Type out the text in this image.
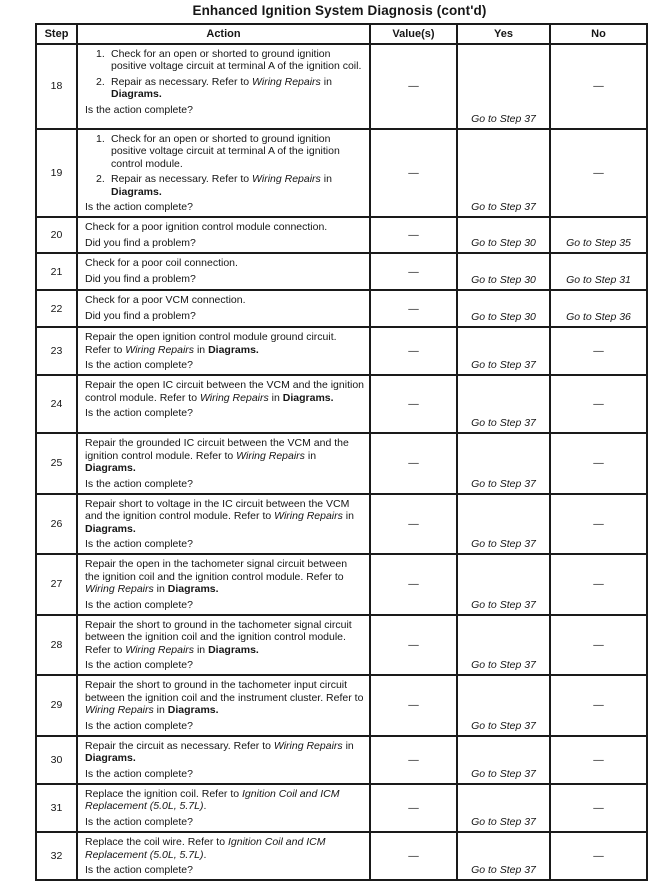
Enhanced Ignition System Diagnosis (cont'd)
Step	Action	Value(s)	Yes	No
18	1. Check for an open or shorted to ground ignition positive voltage circuit at terminal A of the ignition coil.
2. Repair as necessary. Refer to Wiring Repairs in Diagrams.
Is the action complete?	—	Go to Step 37	—
19	1. Check for an open or shorted to ground ignition positive voltage circuit at terminal A of the ignition control module.
2. Repair as necessary. Refer to Wiring Repairs in Diagrams.
Is the action complete?	—	Go to Step 37	—
20	Check for a poor ignition control module connection.
Did you find a problem?	—	Go to Step 30	Go to Step 35
21	Check for a poor coil connection.
Did you find a problem?	—	Go to Step 30	Go to Step 31
22	Check for a poor VCM connection.
Did you find a problem?	—	Go to Step 30	Go to Step 36
23	Repair the open ignition control module ground circuit. Refer to Wiring Repairs in Diagrams.
Is the action complete?	—	Go to Step 37	—
24	Repair the open IC circuit between the VCM and the ignition control module. Refer to Wiring Repairs in Diagrams.
Is the action complete?	—	Go to Step 37	—
25	Repair the grounded IC circuit between the VCM and the ignition control module. Refer to Wiring Repairs in Diagrams.
Is the action complete?	—	Go to Step 37	—
26	Repair short to voltage in the IC circuit between the VCM and the ignition control module. Refer to Wiring Repairs in Diagrams.
Is the action complete?	—	Go to Step 37	—
27	Repair the open in the tachometer signal circuit between the ignition coil and the ignition control module. Refer to Wiring Repairs in Diagrams.
Is the action complete?	—	Go to Step 37	—
28	Repair the short to ground in the tachometer signal circuit between the ignition coil and the ignition control module. Refer to Wiring Repairs in Diagrams.
Is the action complete?	—	Go to Step 37	—
29	Repair the short to ground in the tachometer input circuit between the ignition coil and the instrument cluster. Refer to Wiring Repairs in Diagrams.
Is the action complete?	—	Go to Step 37	—
30	Repair the circuit as necessary. Refer to Wiring Repairs in Diagrams.
Is the action complete?	—	Go to Step 37	—
31	Replace the ignition coil. Refer to Ignition Coil and ICM Replacement (5.0L, 5.7L).
Is the action complete?	—	Go to Step 37	—
32	Replace the coil wire. Refer to Ignition Coil and ICM Replacement (5.0L, 5.7L).
Is the action complete?	—	Go to Step 37	—
